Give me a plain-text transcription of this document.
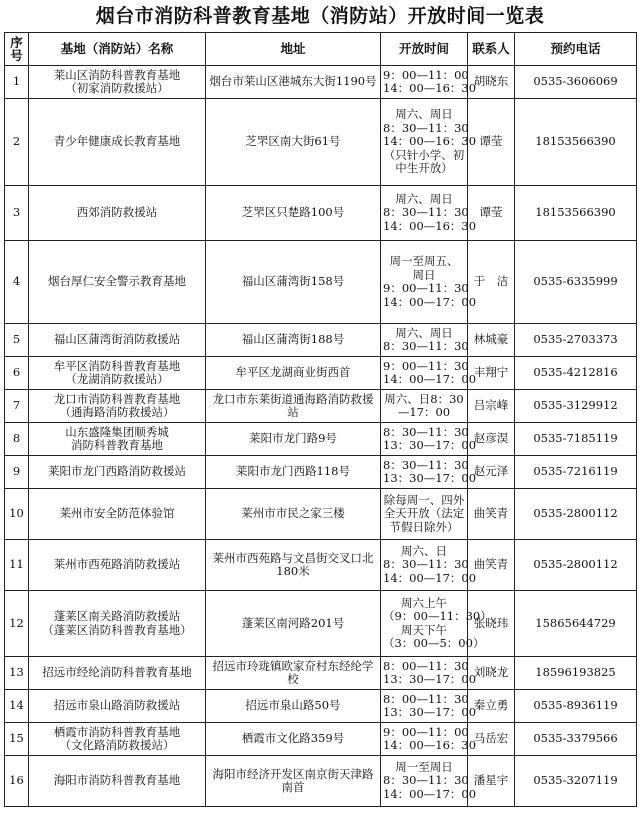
烟台市消防科普教育基地（消防站）开放时间一览表
序
号	基地（消防站）名称	地址	开放时间	联系人	预约电话
1	莱山区消防科普教育基地
（初家消防救援站）	烟台市莱山区港城东大街1190号	9：00—11：00
14：00—16：30	胡晓东	0535-3606069
2	青少年健康成长教育基地	芝罘区南大街61号	周六、周日
8：30—11：30
14：00—16：30
（只针小学、初
中生开放）	谭莹	18153566390
3	西郊消防救援站	芝罘区只楚路100号	周六、周日
8：30—11：30
14：00—16：30	谭莹	18153566390
4	烟台厚仁安全警示教育基地	福山区蒲湾街158号	周一至周五、
周日
9：00—11：30
14：00—17：00	于　洁	0535-6335999
5	福山区蒲湾街消防救援站	福山区蒲湾街188号	周六、周日
8：30—11：30	林城豪	0535-2703373
6	牟平区消防科普教育基地
（龙湖消防救援站）	牟平区龙湖商业街西首	9：00—11：30
14：00—17：00	丰翔宁	0535-4212816
7	龙口市消防科普教育基地
（通海路消防救援站）	龙口市东莱街道通海路消防救援站	周六、日8：30
—17：00	吕宗峰	0535-3129912
8	山东盛隆集团顺秀城
消防科普教育基地	莱阳市龙门路9号	8：30—11：30
13：30—17：00	赵彦淏	0535-7185119
9	莱阳市龙门西路消防救援站	莱阳市龙门西路118号	8：30—11：30
13：30—17：00	赵元泽	0535-7216119
10	莱州市安全防范体验馆	莱州市市民之家三楼	除每周一、四外
全天开放（法定
节假日除外）	曲笑青	0535-2800112
11	莱州市西苑路消防救援站	莱州市西苑路与文昌街交叉口北180米	周六、日
8：30—11：30
14：00—17：00	曲笑青	0535-2800112
12	蓬莱区南关路消防救援站
（蓬莱区消防科普教育基地）	蓬莱区南河路201号	周六上午
（9：00—11：30）
周天下午
（3：00—5：00）	张晓玮	15865644729
13	招远市经纶消防科普教育基地	招远市玲珑镇欧家夼村东经纶学校	8：00—11：30
13：30—17：00	刘晓龙	18596193825
14	招远市泉山路消防救援站	招远市泉山路50号	8：00—11：30
13：30—17：00	秦立勇	0535-8936119
15	栖霞市消防科普教育基地
（文化路消防救援站）	栖霞市文化路359号	9：00—11：00
14：00—16：30	马岳宏	0535-3379566
16	海阳市消防科普教育基地	海阳市经济开发区南京街天津路南首	周一至周日
8：30—11：30
14：00—17：00	潘星宇	0535-3207119
